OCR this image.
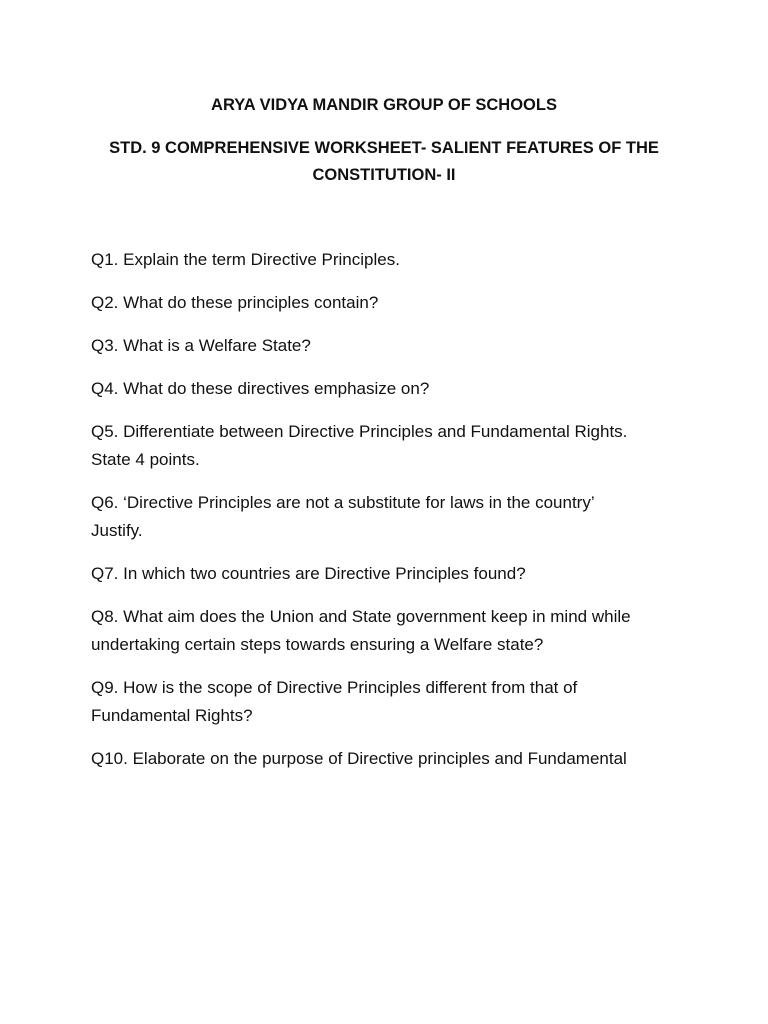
ARYA VIDYA MANDIR GROUP OF SCHOOLS
STD. 9 COMPREHENSIVE WORKSHEET- SALIENT FEATURES OF THE
CONSTITUTION- II

Q1. Explain the term Directive Principles.

Q2. What do these principles contain?

Q3. What is a Welfare State?

Q4. What do these directives emphasize on?

Q5. Differentiate between Directive Principles and Fundamental Rights.
State 4 points.

Q6. ‘Directive Principles are not a substitute for laws in the country’
Justify.

Q7. In which two countries are Directive Principles found?

Q8. What aim does the Union and State government keep in mind while
undertaking certain steps towards ensuring a Welfare state?

Q9. How is the scope of Directive Principles different from that of
Fundamental Rights?

Q10. Elaborate on the purpose of Directive principles and Fundamental
